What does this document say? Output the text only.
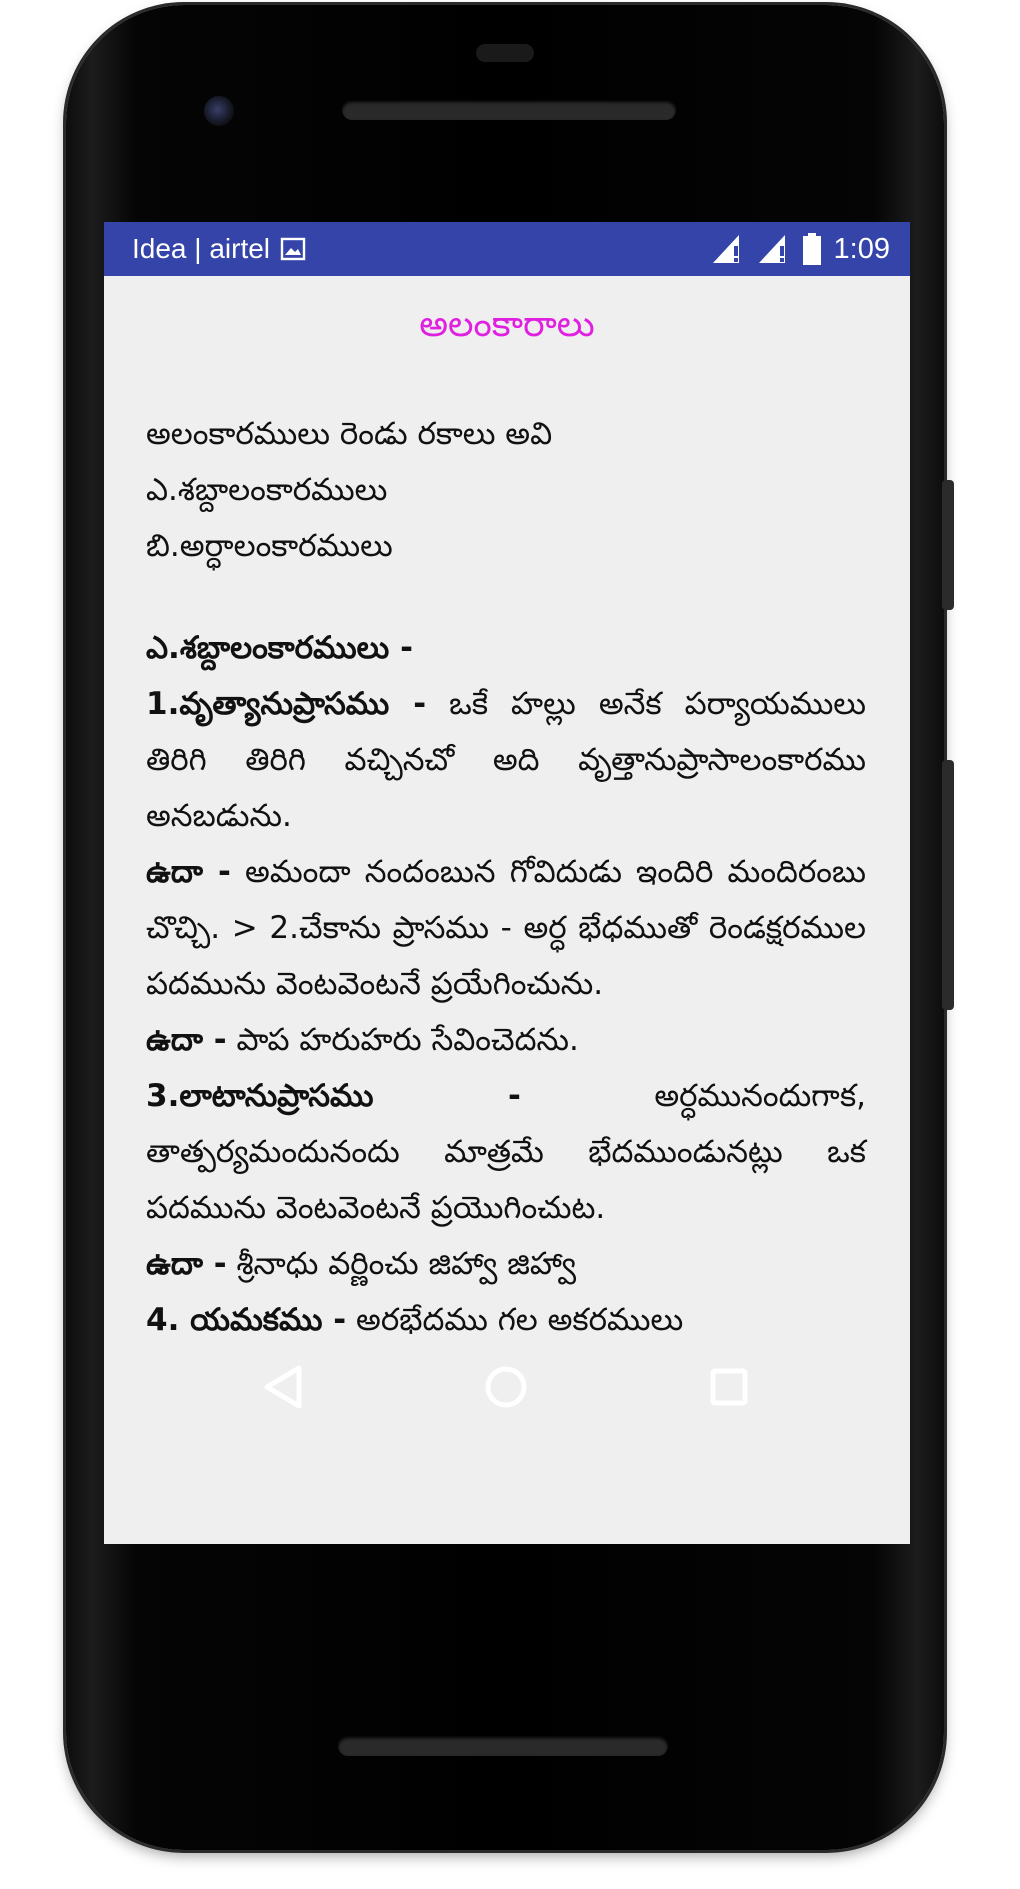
Idea | airtel	1:09
అలంకారాలు
అలంకారములు రెండు రకాలు అవి
ఎ.శబ్దాలంకారములు
బి.అర్ధాలంకారములు
ఎ.శబ్దాలంకారములు -
1.వృత్యానుప్రాసము - ఒకే హల్లు అనేక పర్యాయములు తిరిగి తిరిగి వచ్చినచో అది వృత్తానుప్రాసాలంకారము అనబడును.
ఉదా - అమందా నందంబున గోవిదుడు ఇందిరి మందిరంబు చొచ్చి. > 2.చేకాను ప్రాసము - అర్ధ భేధముతో రెండక్షరముల పదమును వెంటవెంటనే ప్రయేగించును.
ఉదా - పాప హరుహరు సేవించెదను.
3.లాటానుప్రాసము - అర్ధమునందుగాక, తాత్పర్యమందునందు మాత్రమే భేదముండునట్లు ఒక పదమును వెంటవెంటనే ప్రయొగించుట.
ఉదా - శ్రీనాధు వర్ణించు జిహ్వా జిహ్వా
4. యమకము - అరభేదము గల అకరములు
